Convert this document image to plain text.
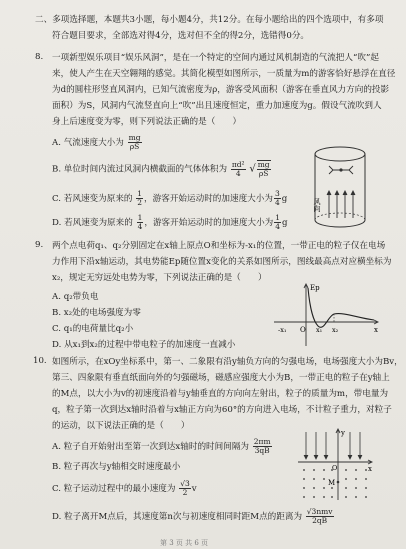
二、多项选择题，本题共3小题，每小题4分，共12分。在每小题给出的四个选项中，有多项
符合题目要求，全部选对得4分，选对但不全的得2分，选错得0分。
8. 一项新型娱乐项目“娱乐风洞”，是在一个特定的空间内通过风机制造的气流把人“吹”起
来，使人产生在天空翱翔的感觉。其简化模型如图所示，一质量为m的游客恰好悬浮在直径
为d的圆柱形竖直风洞内，已知气流密度为ρ，游客受风面积（游客在垂直风力方向的投影
面积）为S，风洞内气流竖直向上“吹”出且速度恒定，重力加速度为g。假设气流吹到人
身上后速度变为零，则下列说法正确的是（　　）
A. 气流速度大小为 $\frac{mg}{\rho S}$
B. 单位时间内流过风洞内横截面的气体体积为 $\frac{\text{πd²}}{4}$ √ $\frac{mg}{\rho S}$
C. 若风速变为原来的 $\frac{1}{2}$ ，游客开始运动时的加速度大小为 $\frac{3}{4}$ g
D. 若风速变为原来的 $\frac{1}{4}$ ，游客开始运动时的加速度大小为 $\frac{1}{4}$ g
风向
9. 两个点电荷q₁、q₂分别固定在x轴上原点O和坐标为-x₁的位置，一带正电的粒子仅在电场
力作用下沿x轴运动，其电势能Ep随位置x变化的关系如图所示，图线最高点对应横坐标为
x₂，规定无穷远处电势为零，下列说法正确的是（　　）
A. q₂带负电
B. x₂处的电场强度为零
C. q₁的电荷量比q₂小
D. 从x₁到x₂的过程中带电粒子的加速度一直减小
Ep
x
O
-x₁	x₁ x₂
10. 如图所示，在xOy坐标系中，第一、二象限有沿y轴负方向的匀强电场，电场强度大小为Bv，
第三、四象限有垂直纸面向外的匀强磁场，磁感应强度大小为B，一带正电的粒子在y轴上
的M点，以大小为v的初速度沿着与y轴垂直的方向向左射出，粒子的质量为m，带电量为
q，粒子第一次到达x轴时沿着与x轴正方向为60°的方向进入电场，不计粒子重力，对粒子
的运动，以下说法正确的是（　　）
A. 粒子自开始射出至第一次到达x轴时的时间间隔为 $\frac{2\pi m}{3qB}$
B. 粒子再次与y轴相交时速度最小
C. 粒子运动过程中的最小速度为 $\frac{√3}{2}$ v
D. 粒子离开M点后，其速度第n次与初速度相同时距M点的距离为 $\frac{\text{√3nmv}}{2qB}$
M
y
x
O
第 3 页 共 6 页
